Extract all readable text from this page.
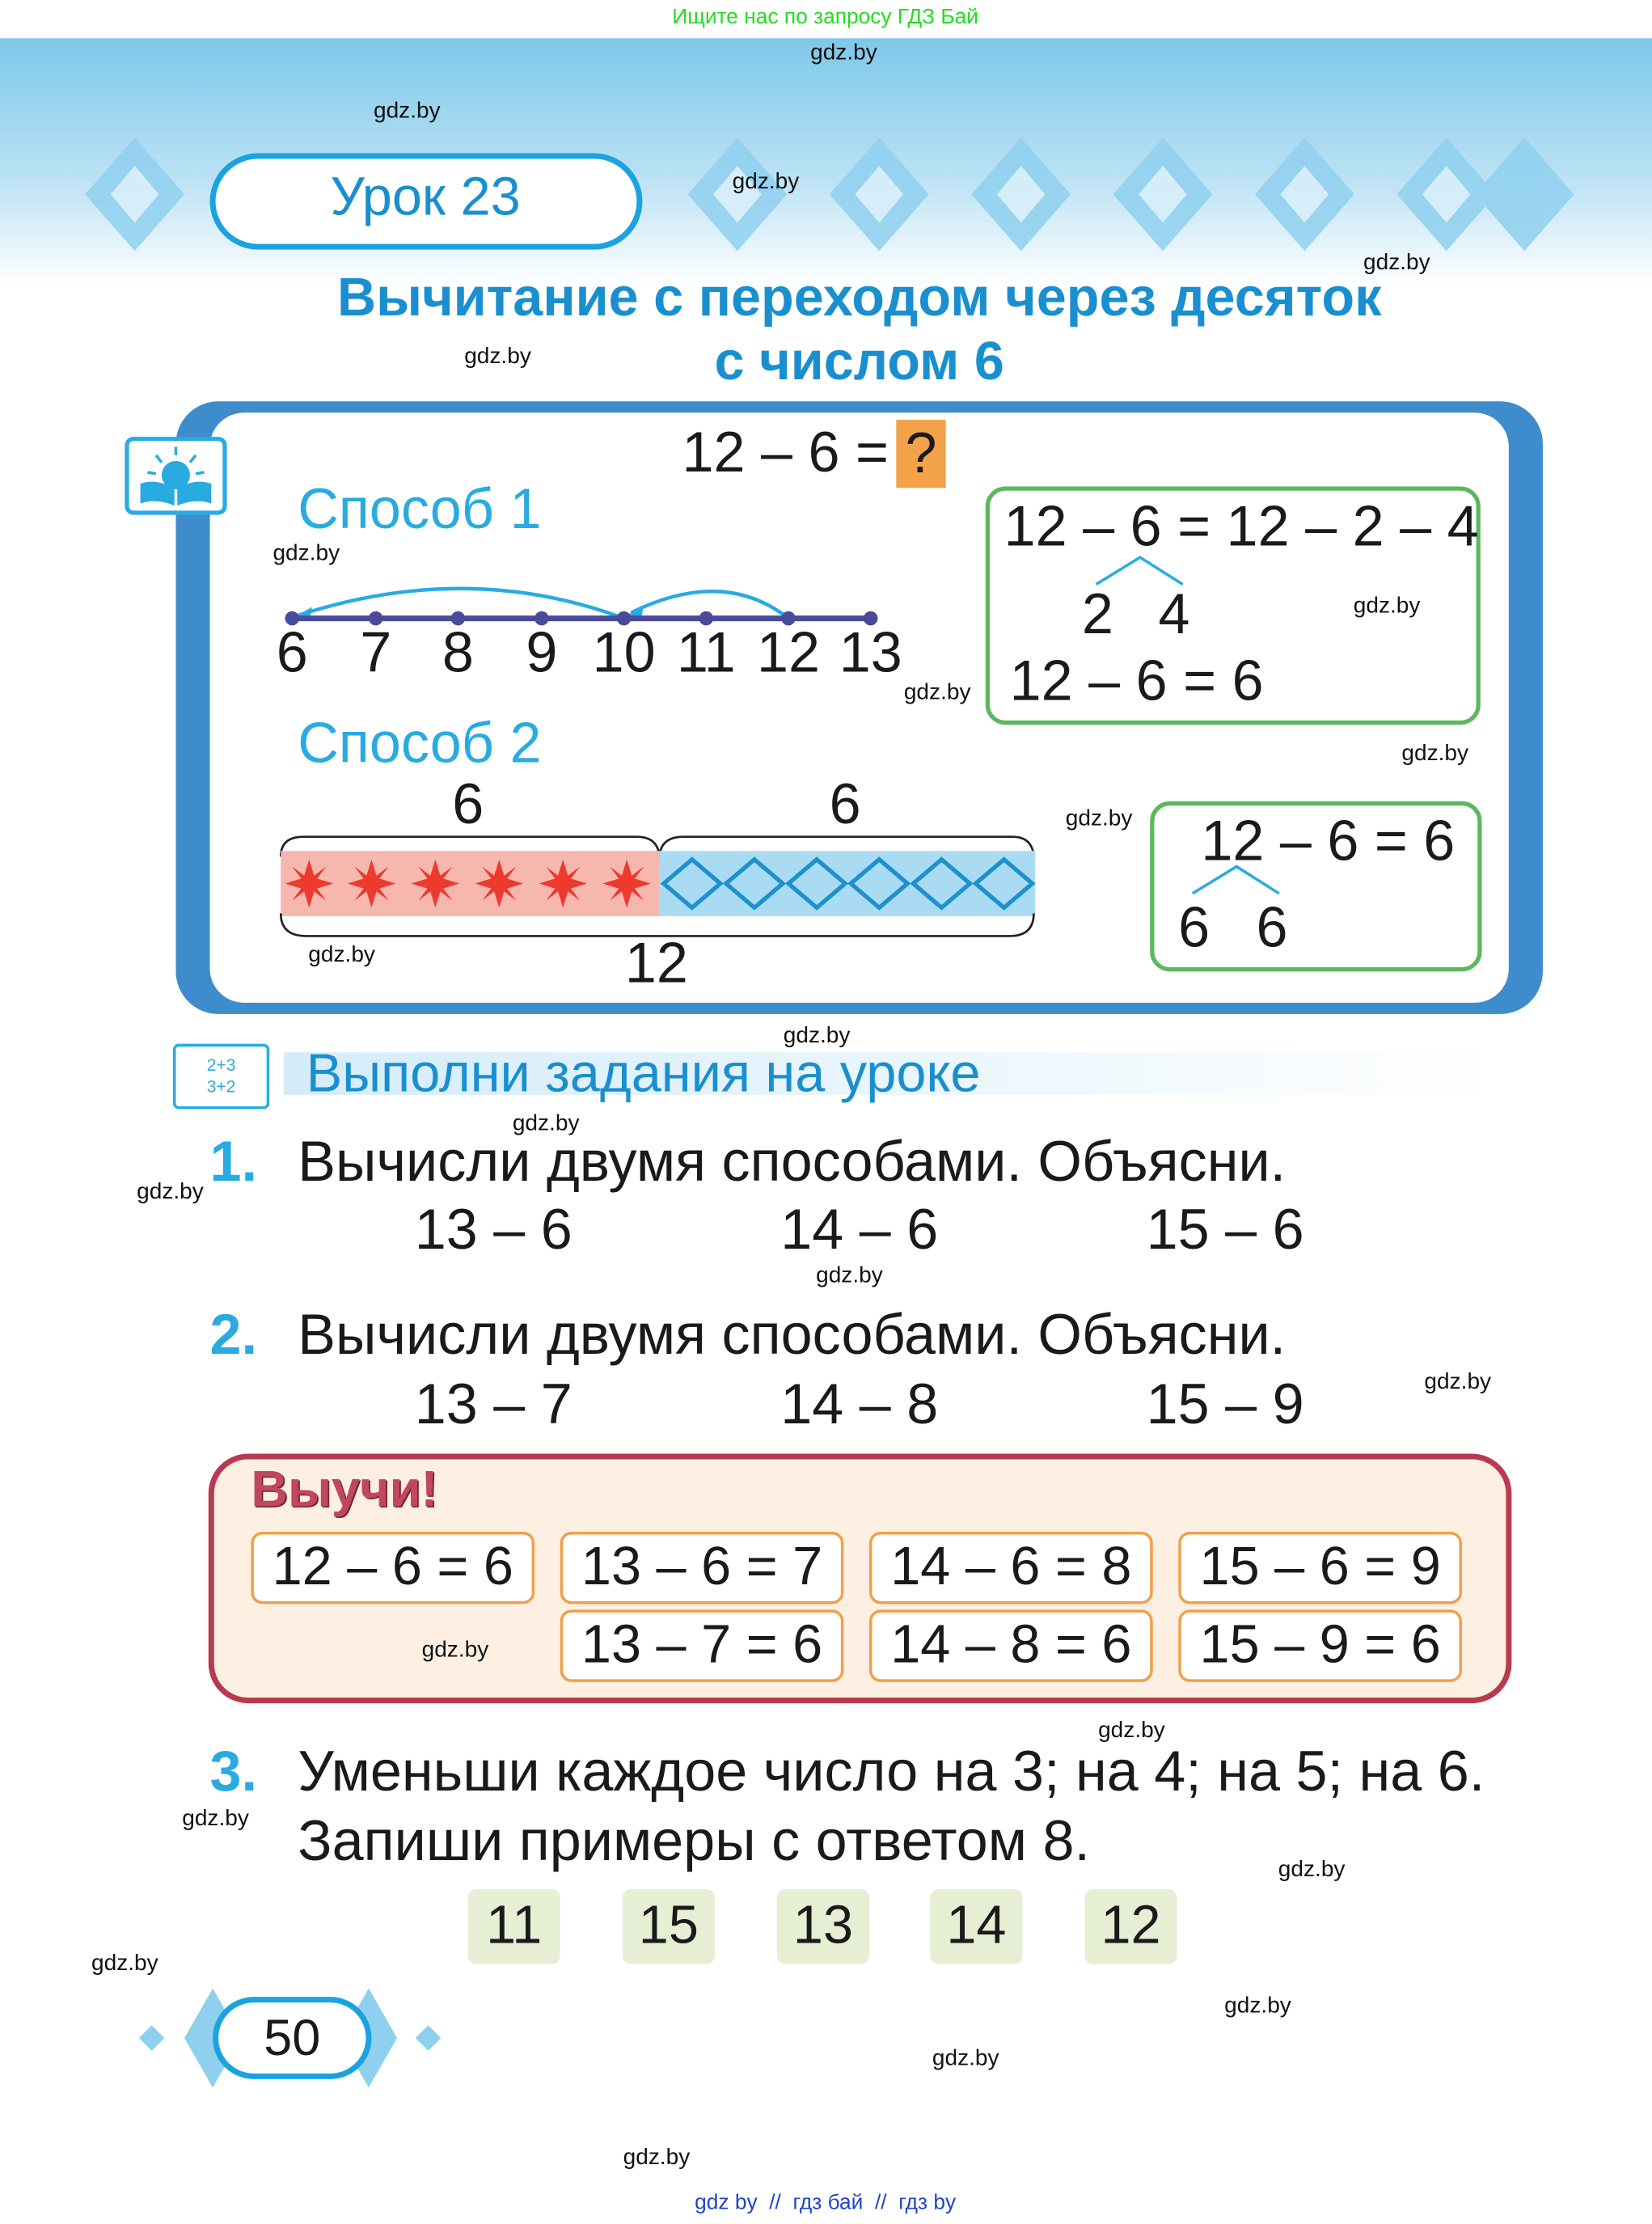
Ищите нас по запросу ГДЗ Бай
Урок 23
Вычитание с переходом через десяток
с числом 6
12 – 6 = ?
Способ 1
6 7 8 9 10 11 12 13
12 – 6 = 12 – 2 – 4
2 4
12 – 6 = 6
Способ 2
6	6
12
12 – 6 = 6
6 6
2+3
3+2	Выполни задания на уроке
1. Вычисли двумя способами. Объясни.
13 – 6	14 – 6	15 – 6
2. Вычисли двумя способами. Объясни.
13 – 7	14 – 8	15 – 9
Выучи!
12 – 6 = 6	13 – 6 = 7	14 – 6 = 8	15 – 6 = 9
13 – 7 = 6	14 – 8 = 6	15 – 9 = 6
3. Уменьши каждое число на 3; на 4; на 5; на 6.
Запиши примеры с ответом 8.
11	15	13	14	12
50
gdz by  //  гдз бай  //  гдз by
gdz.by
gdz.by
gdz.by
gdz.by
gdz.by
gdz.by
gdz.by
gdz.by
gdz.by
gdz.by
gdz.by
gdz.by
gdz.by
gdz.by
gdz.by
gdz.by
gdz.by
gdz.by
gdz.by
gdz.by
gdz.by
gdz.by
gdz.by
gdz.by
